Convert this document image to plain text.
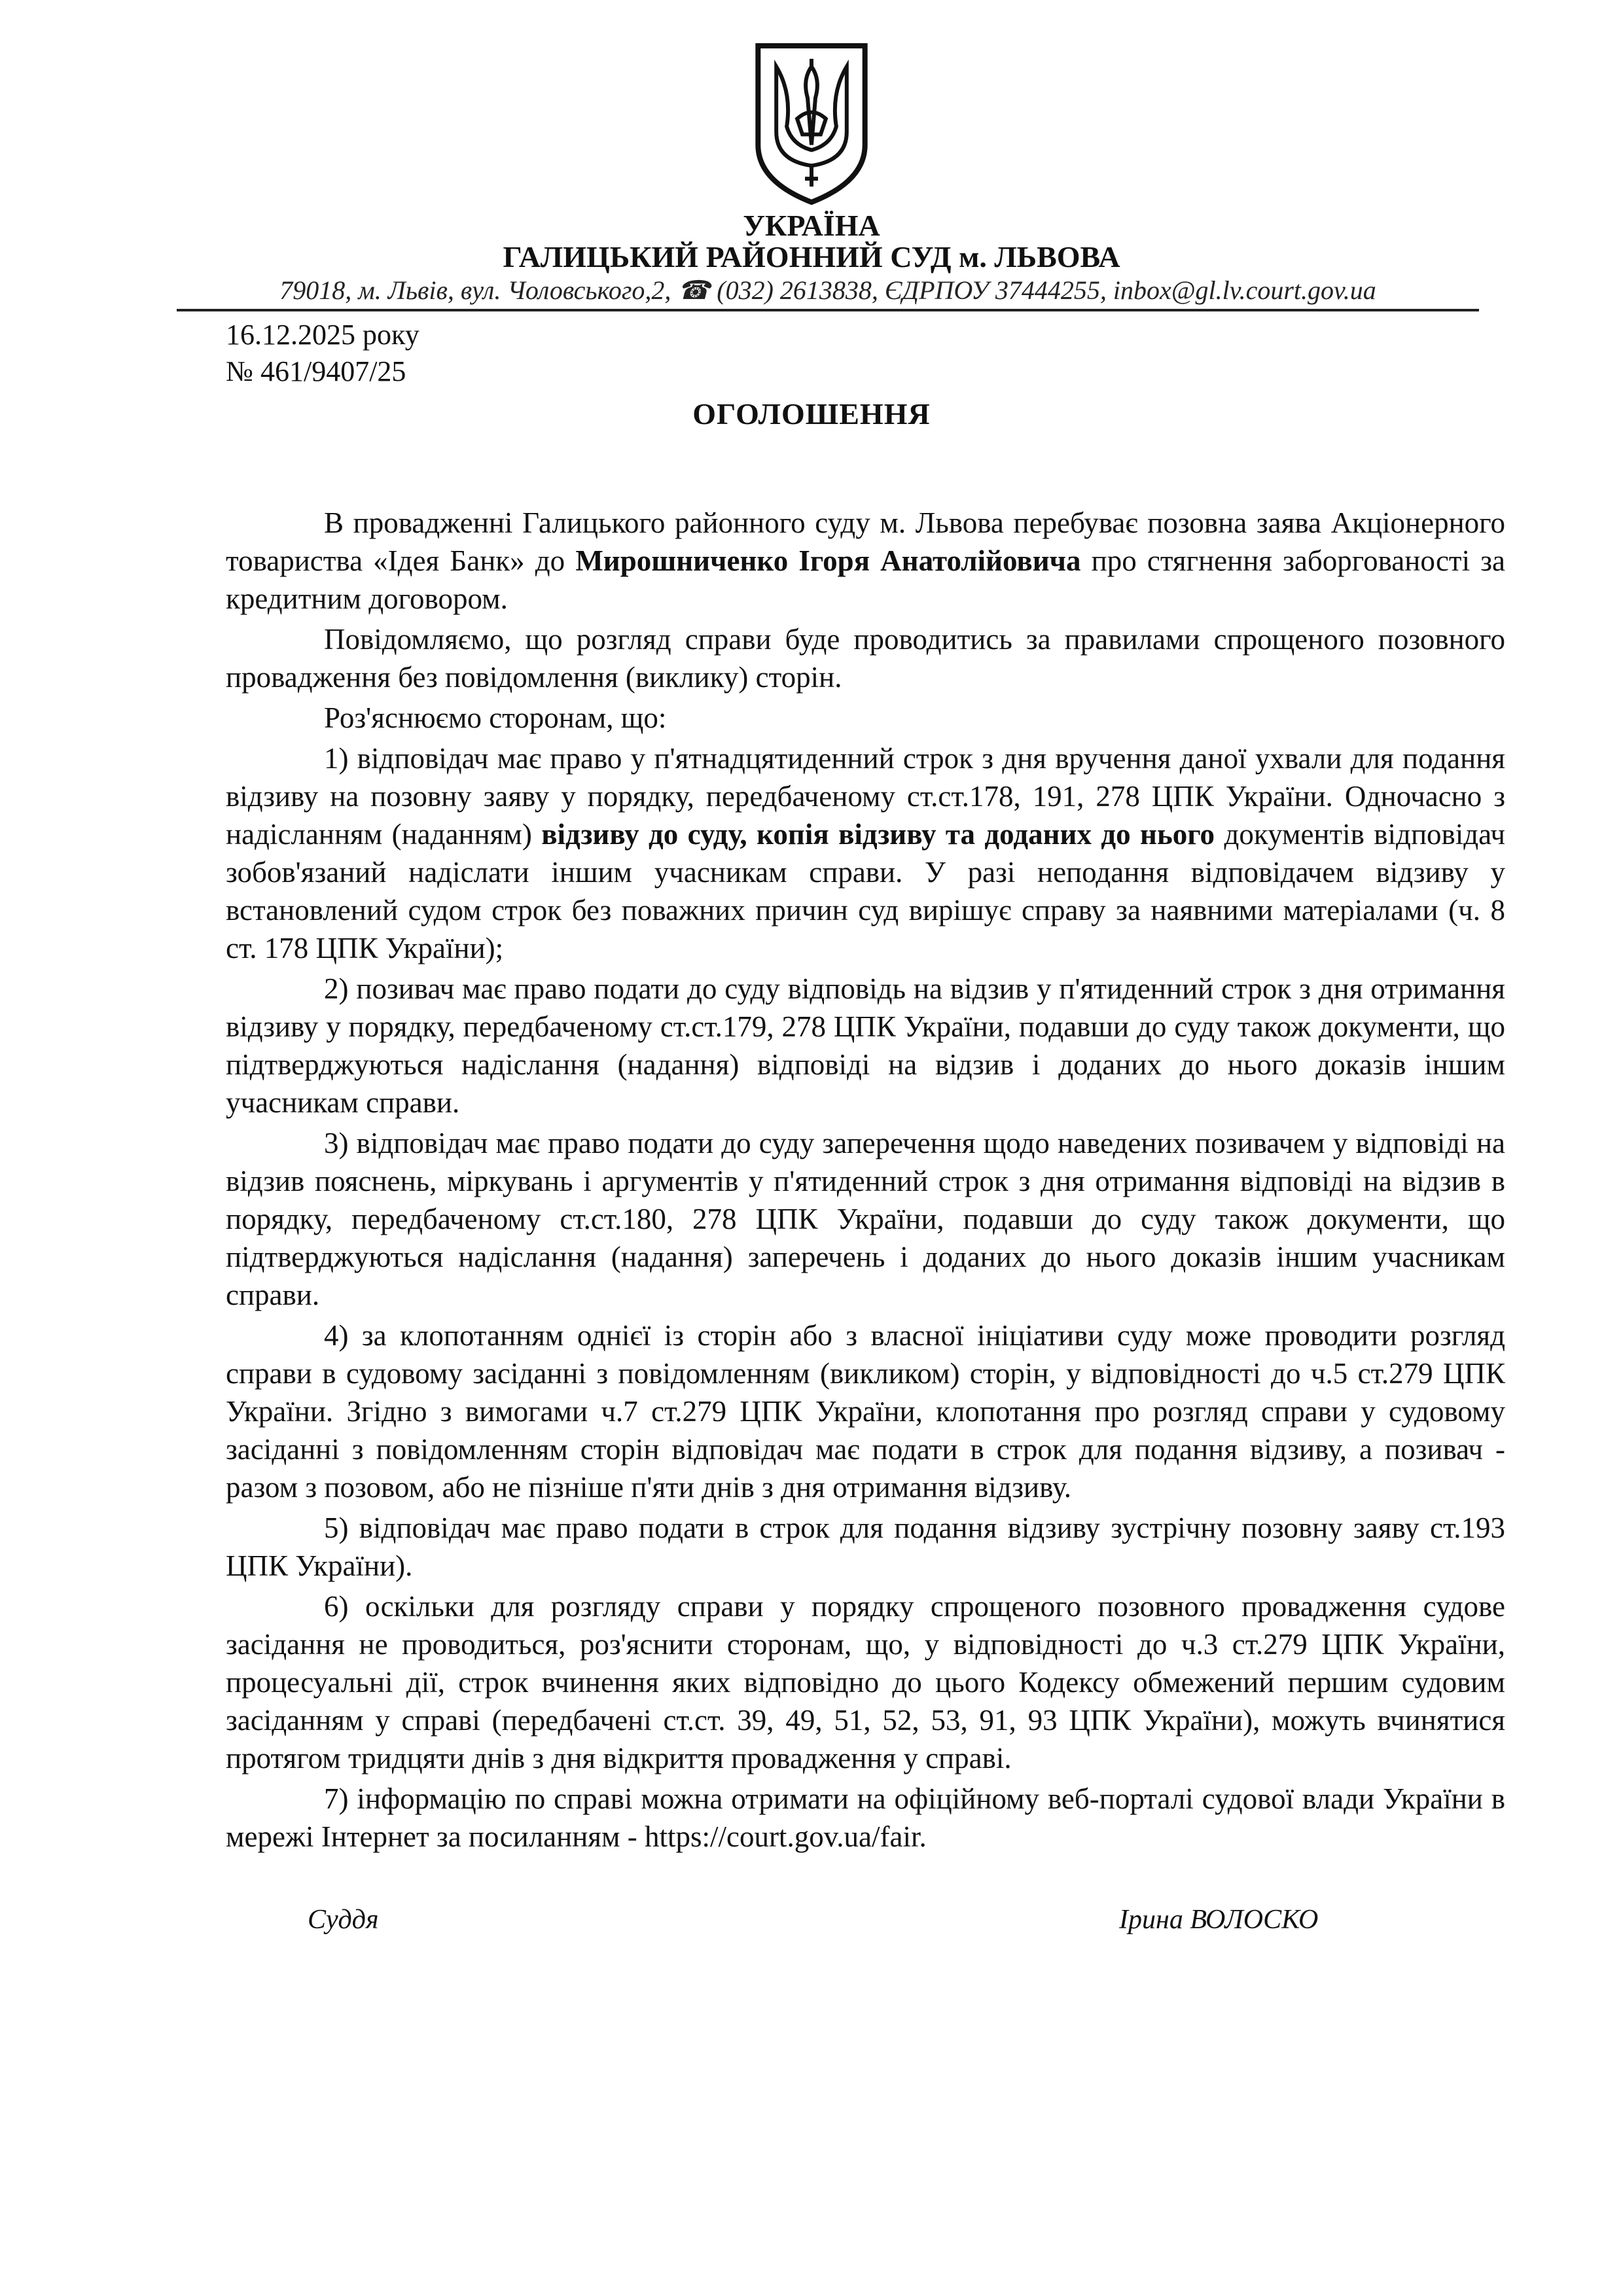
УКРАЇНА
ГАЛИЦЬКИЙ РАЙОННИЙ СУД м. ЛЬВОВА
79018, м. Львів, вул. Чоловського,2, ☎ (032) 2613838, ЄДРПОУ 37444255, inbox@gl.lv.court.gov.ua
16.12.2025 року
№ 461/9407/25
ОГОЛОШЕННЯ

В провадженні Галицького районного суду м. Львова перебуває позовна заява Акціонерного товариства «Ідея Банк» до Мирошниченко Ігоря Анатолійовича про стягнення заборгованості за кредитним договором.

Повідомляємо, що розгляд справи буде проводитись за правилами спрощеного позовного провадження без повідомлення (виклику) сторін.

Роз'яснюємо сторонам, що:

1) відповідач має право у п'ятнадцятиденний строк з дня вручення даної ухвали для подання відзиву на позовну заяву у порядку, передбаченому ст.ст.178, 191, 278 ЦПК України. Одночасно з надісланням (наданням) відзиву до суду, копія відзиву та доданих до нього документів відповідач зобов'язаний надіслати іншим учасникам справи. У разі неподання відповідачем відзиву у встановлений судом строк без поважних причин суд вирішує справу за наявними матеріалами (ч. 8 ст. 178 ЦПК України);

2) позивач має право подати до суду відповідь на відзив у п'ятиденний строк з дня отримання відзиву у порядку, передбаченому ст.ст.179, 278 ЦПК України, подавши до суду також документи, що підтверджуються надіслання (надання) відповіді на відзив і доданих до нього доказів іншим учасникам справи.

3) відповідач має право подати до суду заперечення щодо наведених позивачем у відповіді на відзив пояснень, міркувань і аргументів у п'ятиденний строк з дня отримання відповіді на відзив в порядку, передбаченому ст.ст.180, 278 ЦПК України, подавши до суду також документи, що підтверджуються надіслання (надання) заперечень і доданих до нього доказів іншим учасникам справи.

4) за клопотанням однієї із сторін або з власної ініціативи суду може проводити розгляд справи в судовому засіданні з повідомленням (викликом) сторін, у відповідності до ч.5 ст.279 ЦПК України. Згідно з вимогами ч.7 ст.279 ЦПК України, клопотання про розгляд справи у судовому засіданні з повідомленням сторін відповідач має подати в строк для подання відзиву, а позивач - разом з позовом, або не пізніше п'яти днів з дня отримання відзиву.

5) відповідач має право подати в строк для подання відзиву зустрічну позовну заяву ст.193 ЦПК України).

6) оскільки для розгляду справи у порядку спрощеного позовного провадження судове засідання не проводиться, роз'яснити сторонам, що, у відповідності до ч.3 ст.279 ЦПК України, процесуальні дії, строк вчинення яких відповідно до цього Кодексу обмежений першим судовим засіданням у справі (передбачені ст.ст. 39, 49, 51, 52, 53, 91, 93 ЦПК України), можуть вчинятися протягом тридцяти днів з дня відкриття провадження у справі.

7) інформацію по справі можна отримати на офіційному веб-порталі судової влади України в мережі Інтернет за посиланням - https://court.gov.ua/fair.

Суддя	Ірина ВОЛОСКО
